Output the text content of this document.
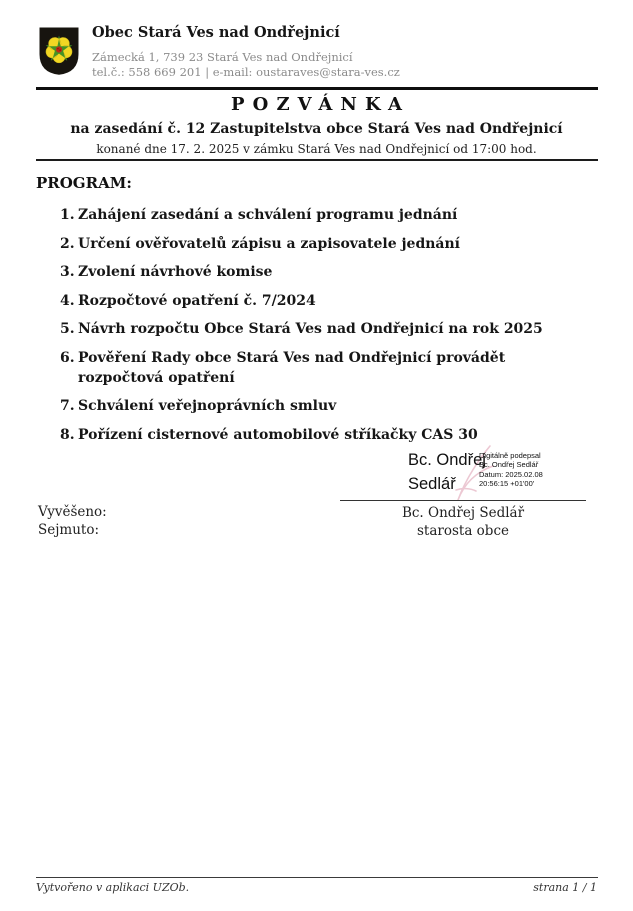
Obec Stará Ves nad Ondřejnicí
Zámecká 1, 739 23 Stará Ves nad Ondřejnicí
tel.č.: 558 669 201 | e-mail: oustaraves@stara-ves.cz
POZVÁNKA
na zasedání č. 12 Zastupitelstva obce Stará Ves nad Ondřejnicí
konané dne 17. 2. 2025 v zámku Stará Ves nad Ondřejnicí od 17:00 hod.
PROGRAM:
Zahájení zasedání a schválení programu jednání
Určení ověřovatelů zápisu a zapisovatele jednání
Zvolení návrhové komise
Rozpočtové opatření č. 7/2024
Návrh rozpočtu Obce Stará Ves nad Ondřejnicí na rok 2025
Pověření Rady obce Stará Ves nad Ondřejnicí provádět rozpočtová opatření
Schválení veřejnoprávních smluv
Pořízení cisternové automobilové stříkačky CAS 30
Bc. Ondřej
Sedlář
Digitálně podepsal
Bc. Ondřej Sedlář
Datum: 2025.02.08
20:56:15 +01'00'
Vyvěšeno:
Sejmuto:
Bc. Ondřej Sedlář
starosta obce
Vytvořeno v aplikaci UZOb.	strana 1 / 1
